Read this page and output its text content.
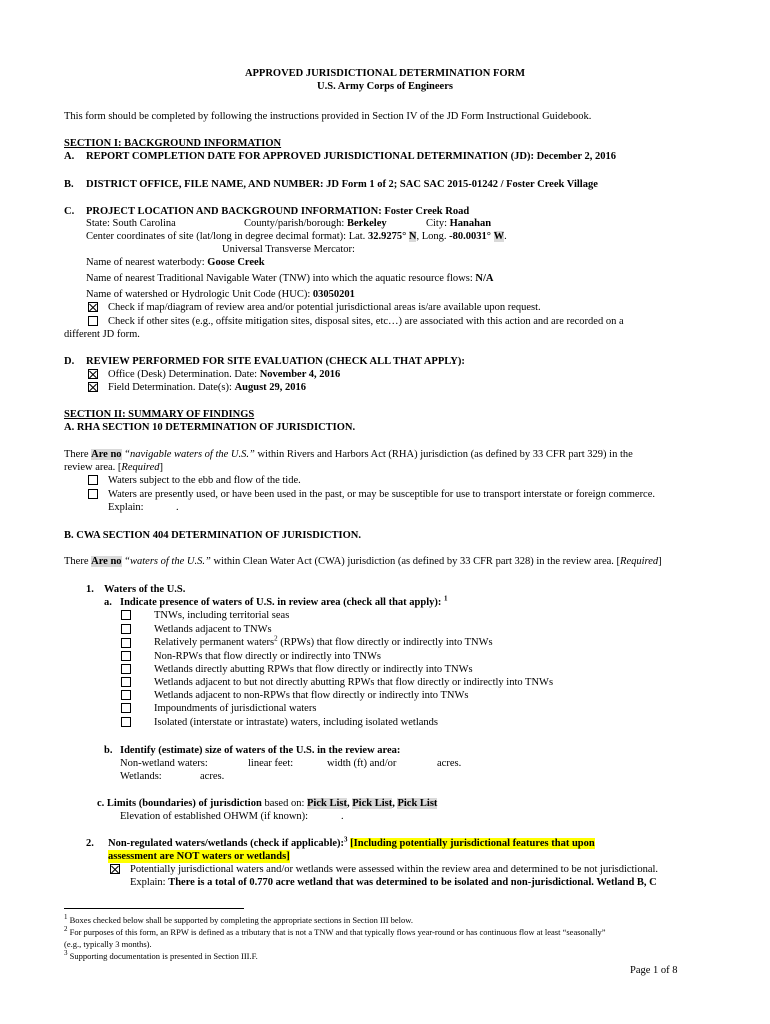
APPROVED JURISDICTIONAL DETERMINATION FORM
U.S. Army Corps of Engineers
This form should be completed by following the instructions provided in Section IV of the JD Form Instructional Guidebook.
SECTION I: BACKGROUND INFORMATION
A. REPORT COMPLETION DATE FOR APPROVED JURISDICTIONAL DETERMINATION (JD): December 2, 2016
B. DISTRICT OFFICE, FILE NAME, AND NUMBER: JD Form 1 of 2; SAC SAC 2015-01242 / Foster Creek Village
C. PROJECT LOCATION AND BACKGROUND INFORMATION: Foster Creek Road
State: South Carolina	County/parish/borough: Berkeley	City: Hanahan
Center coordinates of site (lat/long in degree decimal format): Lat. 32.9275° N, Long. -80.0031° W.
Universal Transverse Mercator:
Name of nearest waterbody: Goose Creek
Name of nearest Traditional Navigable Water (TNW) into which the aquatic resource flows: N/A
Name of watershed or Hydrologic Unit Code (HUC): 03050201
Check if map/diagram of review area and/or potential jurisdictional areas is/are available upon request.
Check if other sites (e.g., offsite mitigation sites, disposal sites, etc…) are associated with this action and are recorded on a
different JD form.
D. REVIEW PERFORMED FOR SITE EVALUATION (CHECK ALL THAT APPLY):
Office (Desk) Determination. Date: November 4, 2016
Field Determination. Date(s): August 29, 2016
SECTION II: SUMMARY OF FINDINGS
A. RHA SECTION 10 DETERMINATION OF JURISDICTION.
There Are no “navigable waters of the U.S.” within Rivers and Harbors Act (RHA) jurisdiction (as defined by 33 CFR part 329) in the
review area. [Required]
Waters subject to the ebb and flow of the tide.
Waters are presently used, or have been used in the past, or may be susceptible for use to transport interstate or foreign commerce.
Explain:	.
B. CWA SECTION 404 DETERMINATION OF JURISDICTION.
There Are no “waters of the U.S.” within Clean Water Act (CWA) jurisdiction (as defined by 33 CFR part 328) in the review area. [Required]
1. Waters of the U.S.
a. Indicate presence of waters of U.S. in review area (check all that apply): $^1$
TNWs, including territorial seas
Wetlands adjacent to TNWs
Relatively permanent waters$^2$ (RPWs) that flow directly or indirectly into TNWs
Non-RPWs that flow directly or indirectly into TNWs
Wetlands directly abutting RPWs that flow directly or indirectly into TNWs
Wetlands adjacent to but not directly abutting RPWs that flow directly or indirectly into TNWs
Wetlands adjacent to non-RPWs that flow directly or indirectly into TNWs
Impoundments of jurisdictional waters
Isolated (interstate or intrastate) waters, including isolated wetlands
b. Identify (estimate) size of waters of the U.S. in the review area:
Non-wetland waters:	linear feet:	width (ft) and/or	acres.
Wetlands:	acres.
c. Limits (boundaries) of jurisdiction based on: Pick List, Pick List, Pick List
Elevation of established OHWM (if known):	.
2. Non-regulated waters/wetlands (check if applicable):$^3$ [Including potentially jurisdictional features that upon
assessment are NOT waters or wetlands]
Potentially jurisdictional waters and/or wetlands were assessed within the review area and determined to be not jurisdictional.
Explain: There is a total of 0.770 acre wetland that was determined to be isolated and non-jurisdictional. Wetland B, C
$^1$ Boxes checked below shall be supported by completing the appropriate sections in Section III below.
$^2$ For purposes of this form, an RPW is defined as a tributary that is not a TNW and that typically flows year-round or has continuous flow at least “seasonally”
(e.g., typically 3 months).
$^3$ Supporting documentation is presented in Section III.F.
Page 1 of 8
